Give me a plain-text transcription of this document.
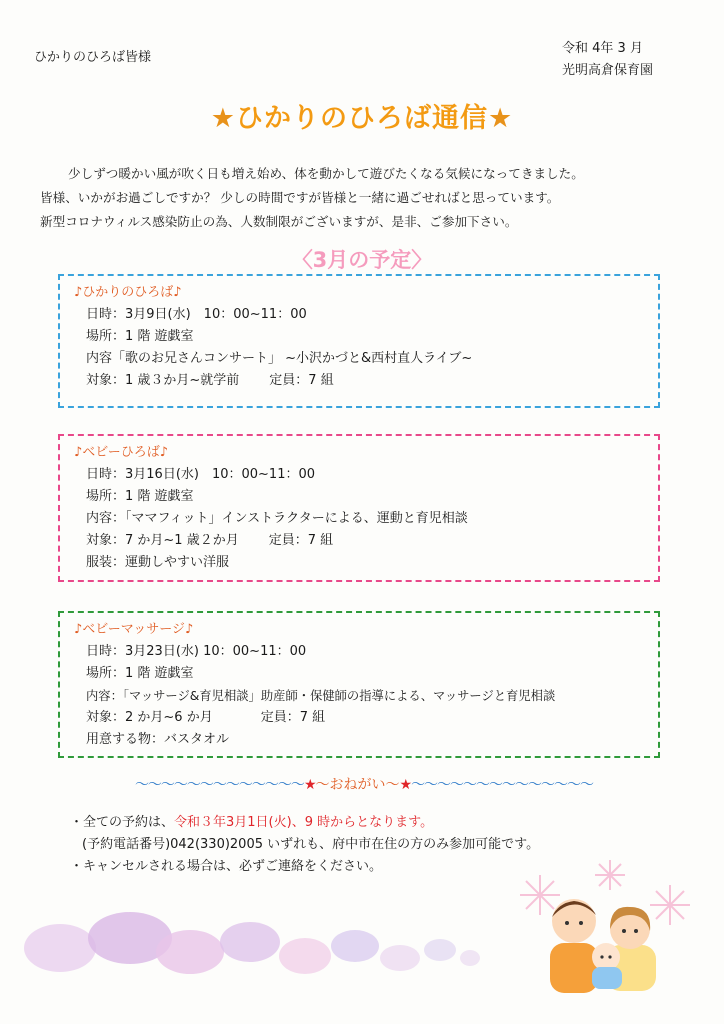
ひかりのひろば皆様
令和 4年 3 月
光明高倉保育園
★ひかりのひろば通信★

少しずつ暖かい風が吹く日も増え始め、体を動かして遊びたくなる気候になってきました。

皆様、いかがお過ごしですか？ 少しの時間ですが皆様と一緒に過ごせればと思っています。

新型コロナウィルス感染防止の為、人数制限がございますが、是非、ご参加下さい。

〈3月の予定〉
♪ひかりのひろば♪
日時：3月9日(水)　10：00~11：00
場所：1 階 遊戯室
内容「歌のお兄さんコンサート」 ~小沢かづと&西村直人ライブ~
対象：1 歳３か月~就学前 定員：7 組
♪ベビーひろば♪
日時：3月16日(水)　10：00~11：00
場所：1 階 遊戯室
内容：「ママフィット」インストラクターによる、運動と育児相談
対象：7 か月~1 歳２か月 定員：7 組
服装：運動しやすい洋服
♪ベビーマッサージ♪
日時：3月23日(水) 10：00~11：00
場所：1 階 遊戯室
内容：「マッサージ&育児相談」助産師・保健師の指導による、マッサージと育児相談
対象：2 か月~6 か月	定員：7 組
用意する物：バスタオル
～～～～～～～～～～～～～★～おねがい～★～～～～～～～～～～～～～～
・全ての予約は、令和３年3月1日(火)、9 時からとなります。
(予約電話番号)042(330)2005 いずれも、府中市在住の方のみ参加可能です。
・キャンセルされる場合は、必ずご連絡をください。
